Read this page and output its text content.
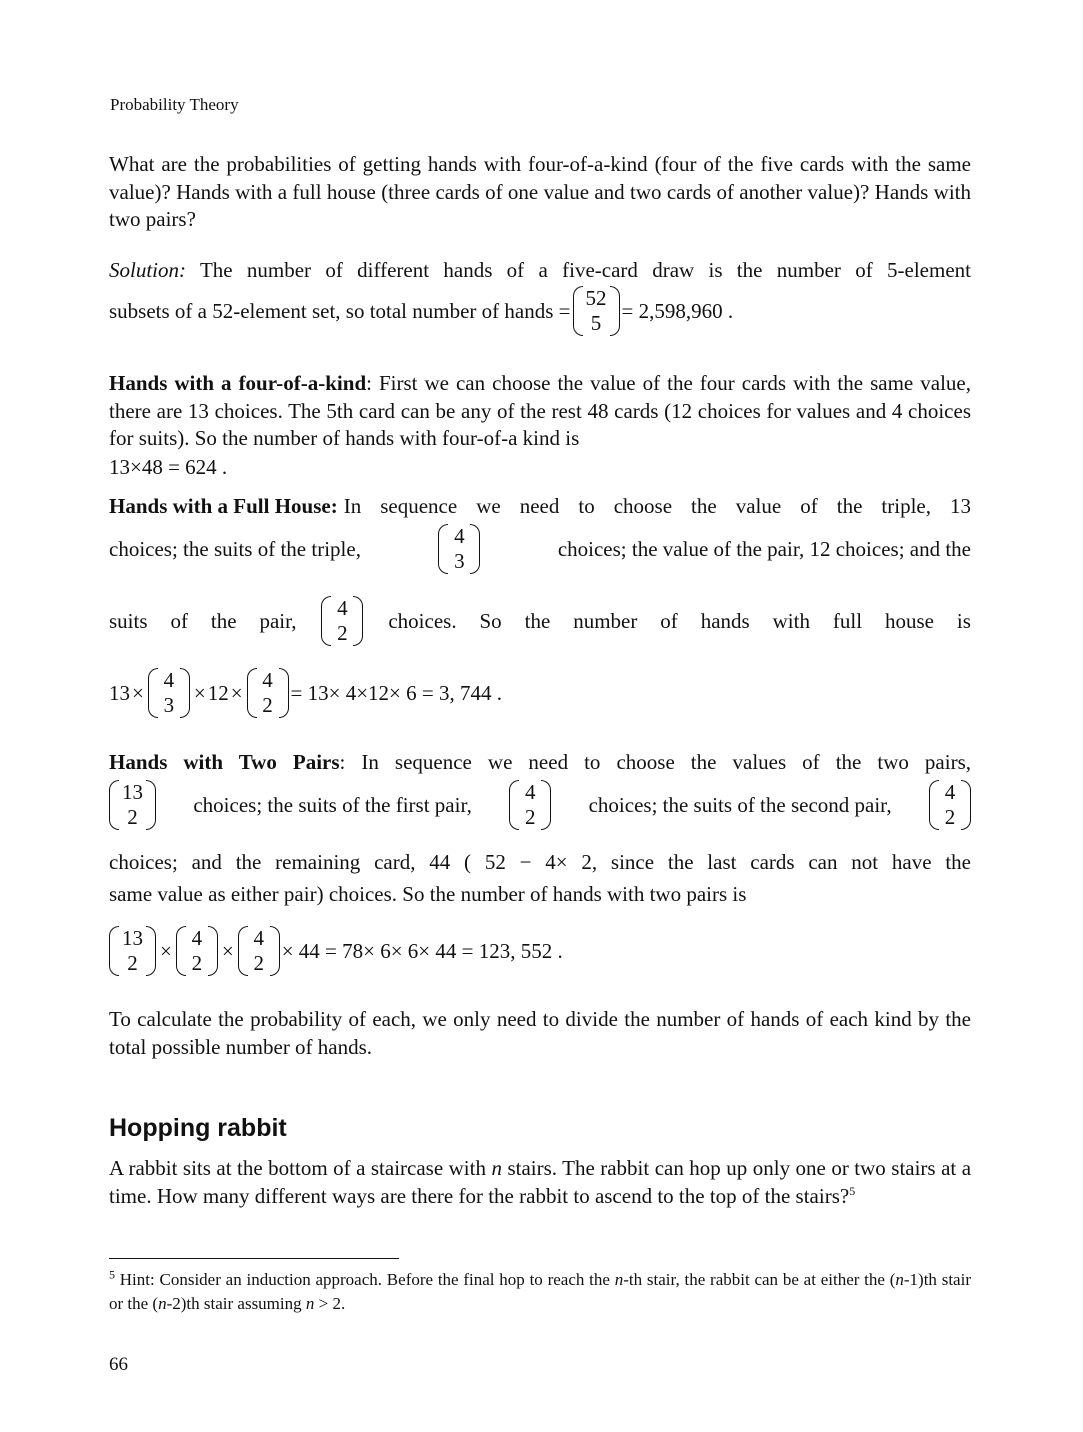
Probability Theory

What are the probabilities of getting hands with four-of-a-kind (four of the five cards with the same value)? Hands with a full house (three cards of one value and two cards of another value)? Hands with two pairs?

Solution: The number of different hands of a five-card draw is the number of 5-element
subsets of a 52-element set, so total number of hands =
52
5
= 2,598,960 .

Hands with a four-of-a-kind: First we can choose the value of the four cards with the same value, there are 13 choices. The 5th card can be any of the rest 48 cards (12 choices for values and 4 choices for suits). So the number of hands with four-of-a kind is

13×48 = 624 .
Hands with a Full House: In sequence we need to choose the value of the triple, 13
choices; the suits of the triple,
4
3
choices; the value of the pair, 12 choices; and the
suits of the pair,
4
2
choices. So the number of hands with full house is
13 ×
4
3
× 12 ×
4
2
= 13× 4×12× 6 = 3, 744 .
Hands with Two Pairs: In sequence we need to choose the values of the two pairs,
13
2
choices; the suits of the first pair,
4
2
choices; the suits of the second pair,
4
2
choices; and the remaining card, 44 ( 52 − 4× 2, since the last cards can not have the
same value as either pair) choices. So the number of hands with two pairs is
13
2
×
4
2
×
4
2
× 44 = 78× 6× 6× 44 = 123, 552 .

To calculate the probability of each, we only need to divide the number of hands of each kind by the total possible number of hands.

Hopping rabbit

A rabbit sits at the bottom of a staircase with n stairs. The rabbit can hop up only one or two stairs at a time. How many different ways are there for the rabbit to ascend to the top of the stairs?$^5$

$^5$ Hint: Consider an induction approach. Before the final hop to reach the n-th stair, the rabbit can be at either the (n-1)th stair or the (n-2)th stair assuming n > 2.

66
